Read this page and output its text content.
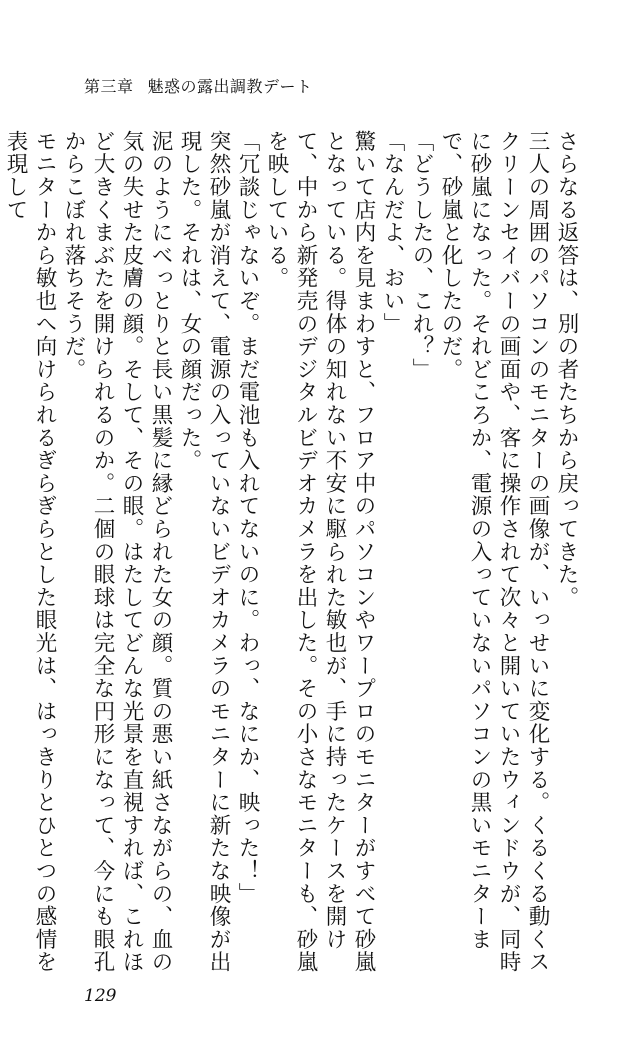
第三章 魅惑の露出調教デート

さらなる返答は、別の者たちから戻ってきた。

三人の周囲のパソコンのモニターの画像が、いっせいに変化する。くるくる動くスクリーンセイバーの画面や、客に操作されて次々と開いていたウィンドウが、同時に砂嵐になった。それどころか、電源の入っていないパソコンの黒いモニターまで、砂嵐と化したのだ。

「どうしたの、これ？」

「なんだよ、おい」

驚いて店内を見まわすと、フロア中のパソコンやワープロのモニターがすべて砂嵐となっている。得体の知れない不安に駆られた敏也が、手に持ったケースを開けて、中から新発売のデジタルビデオカメラを出した。その小さなモニターも、砂嵐を映している。

「冗談じゃないぞ。まだ電池も入れてないのに。わっ、なにか、映った！」

突然砂嵐が消えて、電源の入っていないビデオカメラのモニターに新たな映像が出現した。それは、女の顔だった。

泥のようにべっとりと長い黒髪に縁どられた女の顔。質の悪い紙さながらの、血の気の失せた皮膚の顔。そして、その眼。はたしてどんな光景を直視すれば、これほど大きくまぶたを開けられるのか。二個の眼球は完全な円形になって、今にも眼孔からこぼれ落ちそうだ。

モニターから敏也へ向けられるぎらぎらとした眼光は、はっきりとひとつの感情を表現して

129
